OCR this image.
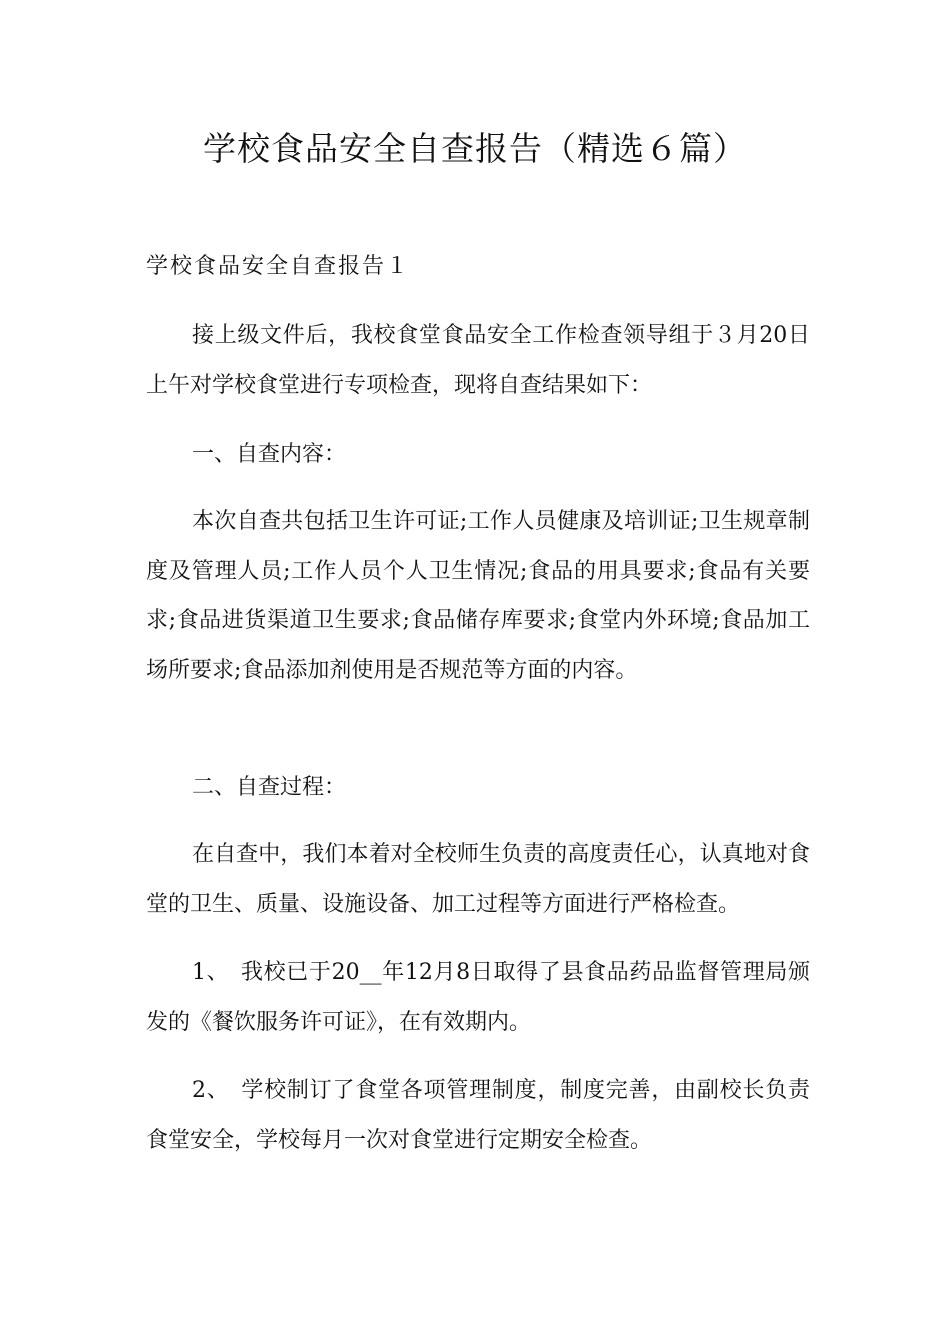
学校食品安全自查报告（精选６篇）
学校食品安全自查报告１

接上级文件后，我校食堂食品安全工作检查领导组于３月20日上午对学校食堂进行专项检查，现将自查结果如下：

一、自查内容：

本次自查共包括卫生许可证;工作人员健康及培训证;卫生规章制度及管理人员;工作人员个人卫生情况;食品的用具要求;食品有关要求;食品进货渠道卫生要求;食品储存库要求;食堂内外环境;食品加工场所要求;食品添加剂使用是否规范等方面的内容。

二、自查过程：

在自查中，我们本着对全校师生负责的高度责任心，认真地对食堂的卫生、质量、设施设备、加工过程等方面进行严格检查。

1、　我校已于20__年12月8日取得了县食品药品监督管理局颁发的《餐饮服务许可证》，在有效期内。

2、　学校制订了食堂各项管理制度，制度完善，由副校长负责食堂安全，学校每月一次对食堂进行定期安全检查。
